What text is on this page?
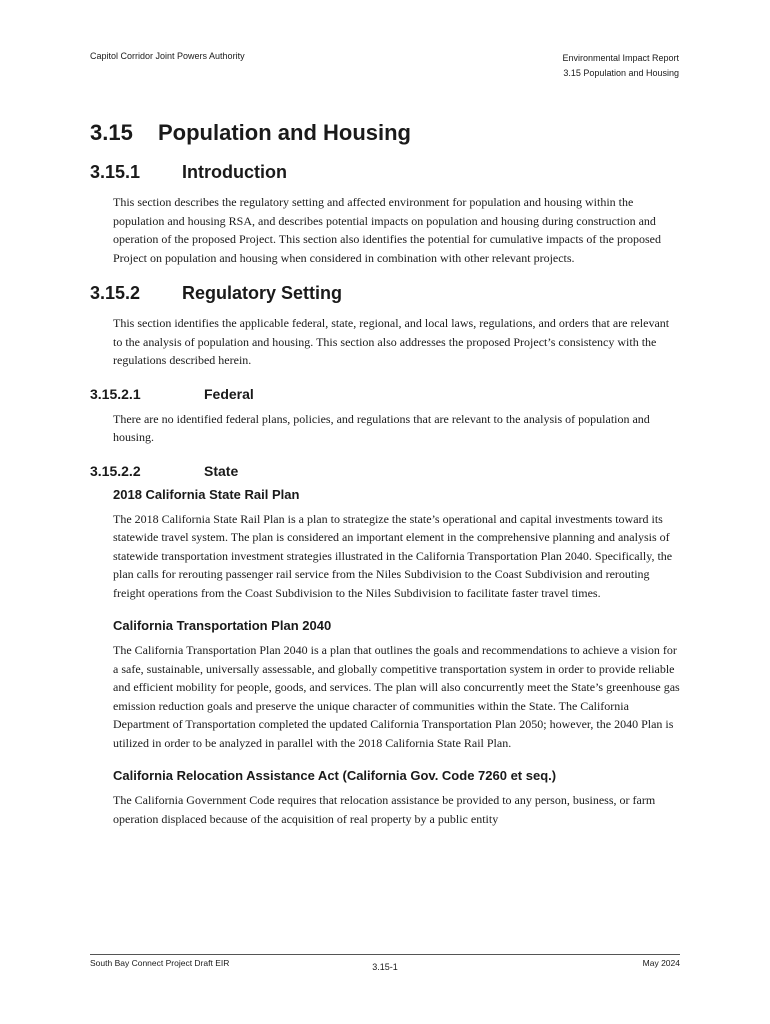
Capitol Corridor Joint Powers Authority	Environmental Impact Report
3.15 Population and Housing
3.15	Population and Housing
3.15.1	Introduction

This section describes the regulatory setting and affected environment for population and housing within the population and housing RSA, and describes potential impacts on population and housing during construction and operation of the proposed Project. This section also identifies the potential for cumulative impacts of the proposed Project on population and housing when considered in combination with other relevant projects.

3.15.2	Regulatory Setting

This section identifies the applicable federal, state, regional, and local laws, regulations, and orders that are relevant to the analysis of population and housing. This section also addresses the proposed Project’s consistency with the regulations described herein.

3.15.2.1	Federal

There are no identified federal plans, policies, and regulations that are relevant to the analysis of population and housing.

3.15.2.2	State
2018 California State Rail Plan

The 2018 California State Rail Plan is a plan to strategize the state’s operational and capital investments toward its statewide travel system. The plan is considered an important element in the comprehensive planning and analysis of statewide transportation investment strategies illustrated in the California Transportation Plan 2040. Specifically, the plan calls for rerouting passenger rail service from the Niles Subdivision to the Coast Subdivision and rerouting freight operations from the Coast Subdivision to the Niles Subdivision to facilitate faster travel times.

California Transportation Plan 2040

The California Transportation Plan 2040 is a plan that outlines the goals and recommendations to achieve a vision for a safe, sustainable, universally assessable, and globally competitive transportation system in order to provide reliable and efficient mobility for people, goods, and services. The plan will also concurrently meet the State’s greenhouse gas emission reduction goals and preserve the unique character of communities within the State. The California Department of Transportation completed the updated California Transportation Plan 2050; however, the 2040 Plan is utilized in order to be analyzed in parallel with the 2018 California State Rail Plan.

California Relocation Assistance Act (California Gov. Code 7260 et seq.)

The California Government Code requires that relocation assistance be provided to any person, business, or farm operation displaced because of the acquisition of real property by a public entity

South Bay Connect Project Draft EIR	3.15-1	May 2024
